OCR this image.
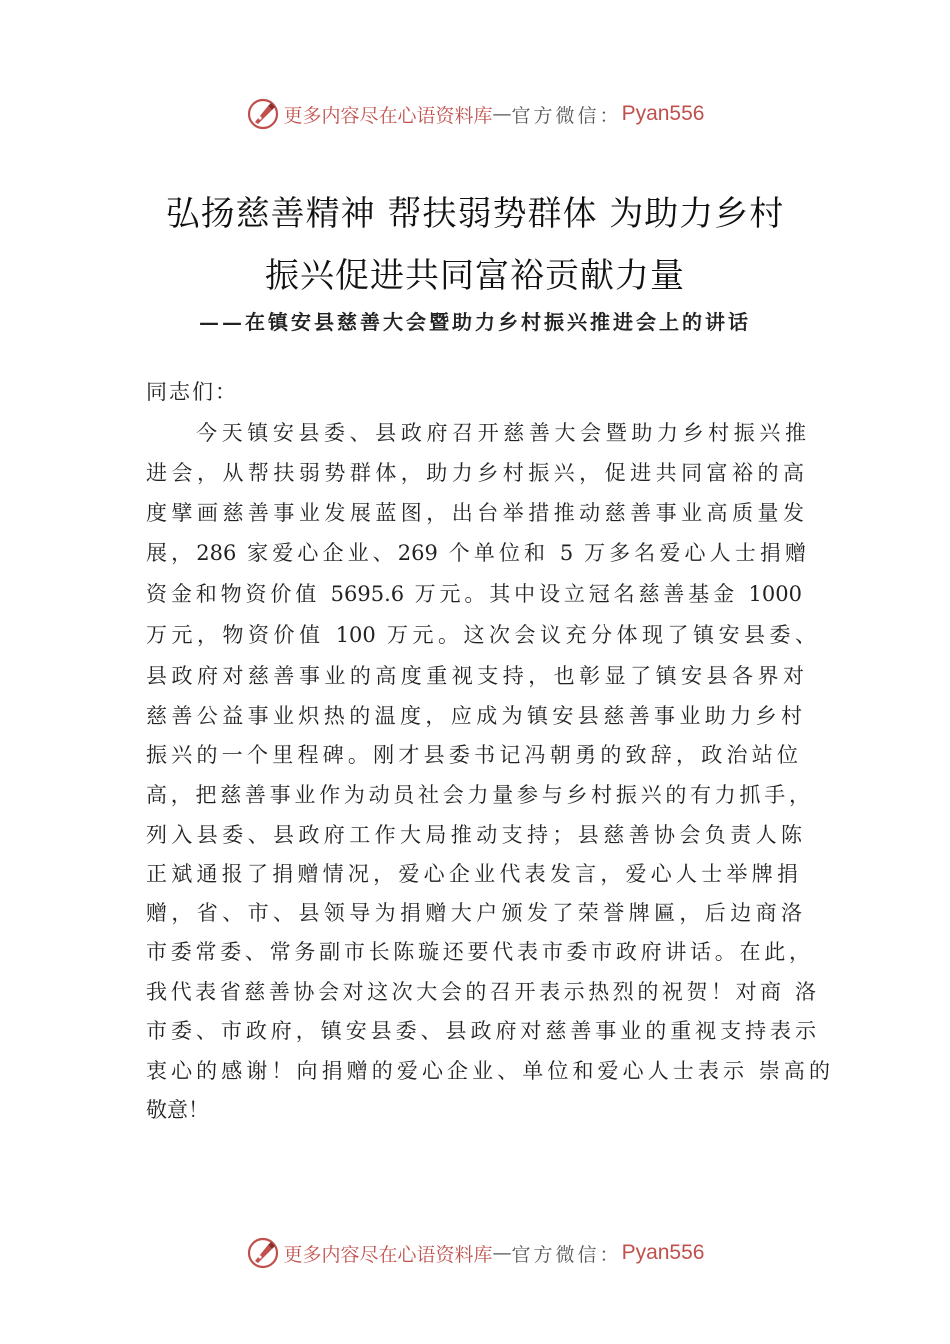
更多内容尽在心语资料库 — 官方微信： Pyan556
弘扬慈善精神 帮扶弱势群体 为助力乡村
振兴促进共同富裕贡献力量
——在镇安县慈善大会暨助力乡村振兴推进会上的讲话
同志们：
今天镇安县委、县政府召开慈善大会暨助力乡村振兴推
进会，从帮扶弱势群体，助力乡村振兴，促进共同富裕的高
度擘画慈善事业发展蓝图，出台举措推动慈善事业高质量发
展，286 家爱心企业、269 个单位和 5 万多名爱心人士捐赠
资金和物资价值 5695.6 万元。其中设立冠名慈善基金 1000
万元，物资价值 100 万元。这次会议充分体现了镇安县委、
县政府对慈善事业的高度重视支持，也彰显了镇安县各界对
慈善公益事业炽热的温度，应成为镇安县慈善事业助力乡村
振兴的一个里程碑。刚才县委书记冯朝勇的致辞，政治站位
高，把慈善事业作为动员社会力量参与乡村振兴的有力抓手，
列入县委、县政府工作大局推动支持；县慈善协会负责人陈
正斌通报了捐赠情况，爱心企业代表发言，爱心人士举牌捐
赠，省、市、县领导为捐赠大户颁发了荣誉牌匾，后边商洛
市委常委、常务副市长陈璇还要代表市委市政府讲话。在此，
我代表省慈善协会对这次大会的召开表示热烈的祝贺！对商 洛
市委、市政府，镇安县委、县政府对慈善事业的重视支持表示
衷心的感谢！向捐赠的爱心企业、单位和爱心人士表示 崇高的
敬意！
更多内容尽在心语资料库 — 官方微信： Pyan556
